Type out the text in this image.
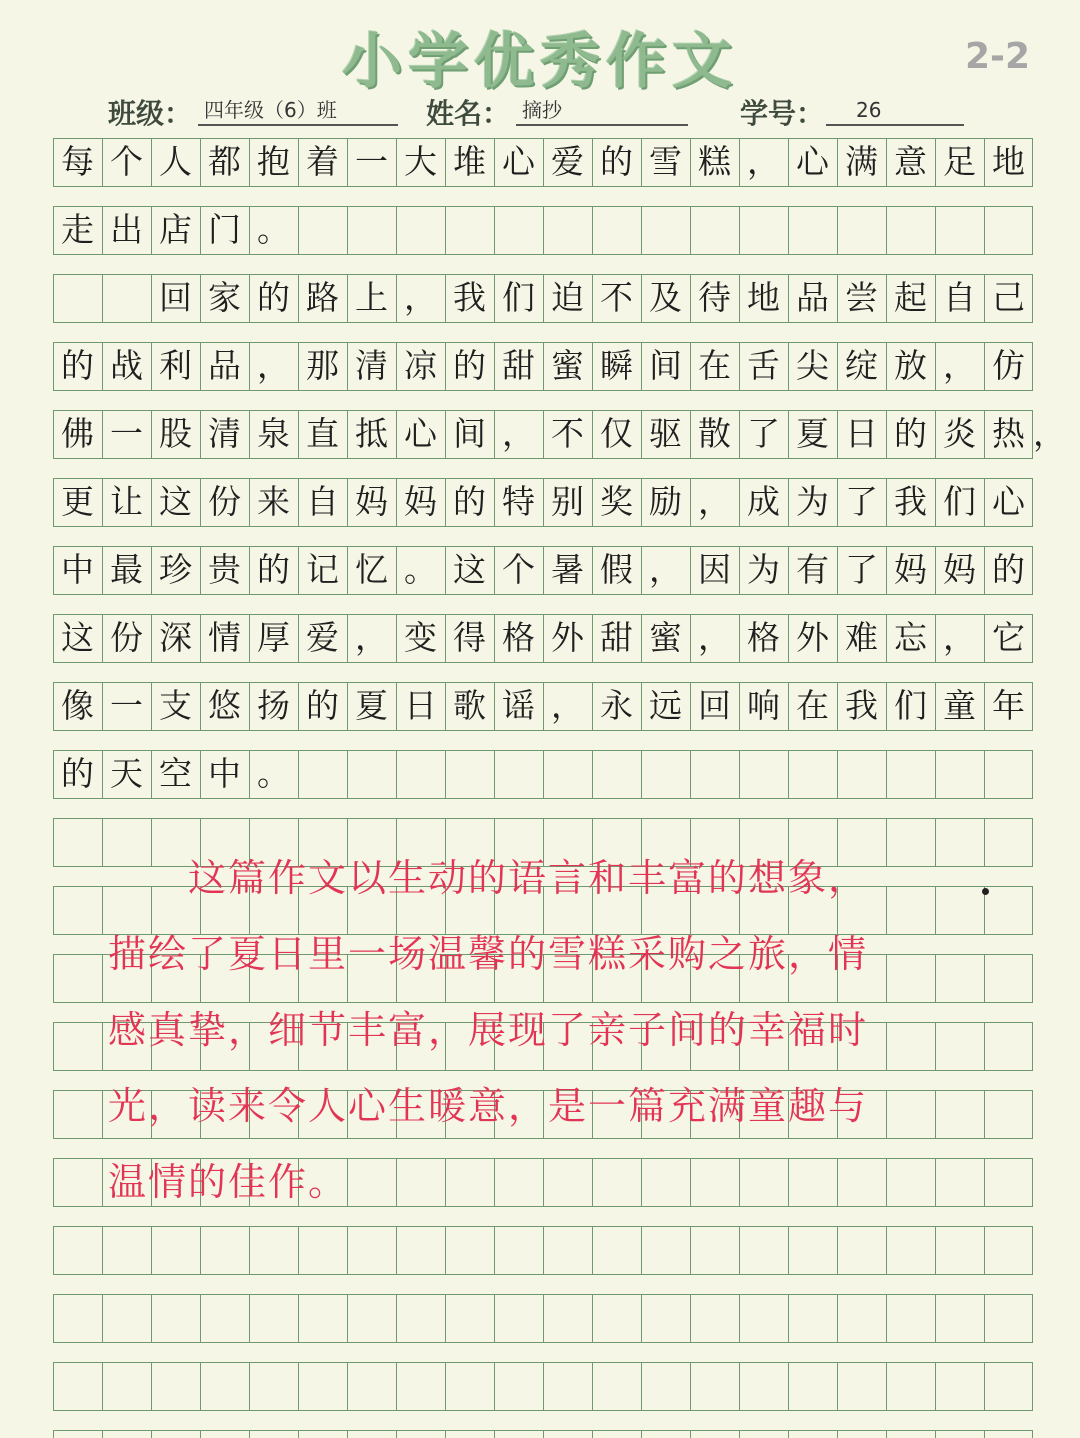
小学优秀作文	2-2
班级： 四年级（6）班	姓名： 摘抄	学号：	26
每 个 人 都 抱 着 一 大 堆 心 爱 的 雪 糕 ， 心 满 意 足 地
走 出 店 门 。
回 家 的 路 上 ， 我 们 迫 不 及 待 地 品 尝 起 自 己
的 战 利 品 ， 那 清 凉 的 甜 蜜 瞬 间 在 舌 尖 绽 放 ， 仿
佛 一 股 清 泉 直 抵 心 间 ， 不 仅 驱 散 了 夏 日 的 炎 热 ，
更 让 这 份 来 自 妈 妈 的 特 别 奖 励 ， 成 为 了 我 们 心
中 最 珍 贵 的 记 忆 。 这 个 暑 假 ， 因 为 有 了 妈 妈 的
这 份 深 情 厚 爱 ， 变 得 格 外 甜 蜜 ， 格 外 难 忘 ， 它
像 一 支 悠 扬 的 夏 日 歌 谣 ， 永 远 回 响 在 我 们 童 年
的 天 空 中 。
　　这篇作文以生动的语言和丰富的想象，
描绘了夏日里一场温馨的雪糕采购之旅，情
感真挚，细节丰富，展现了亲子间的幸福时
光，读来令人心生暖意，是一篇充满童趣与
温情的佳作。
